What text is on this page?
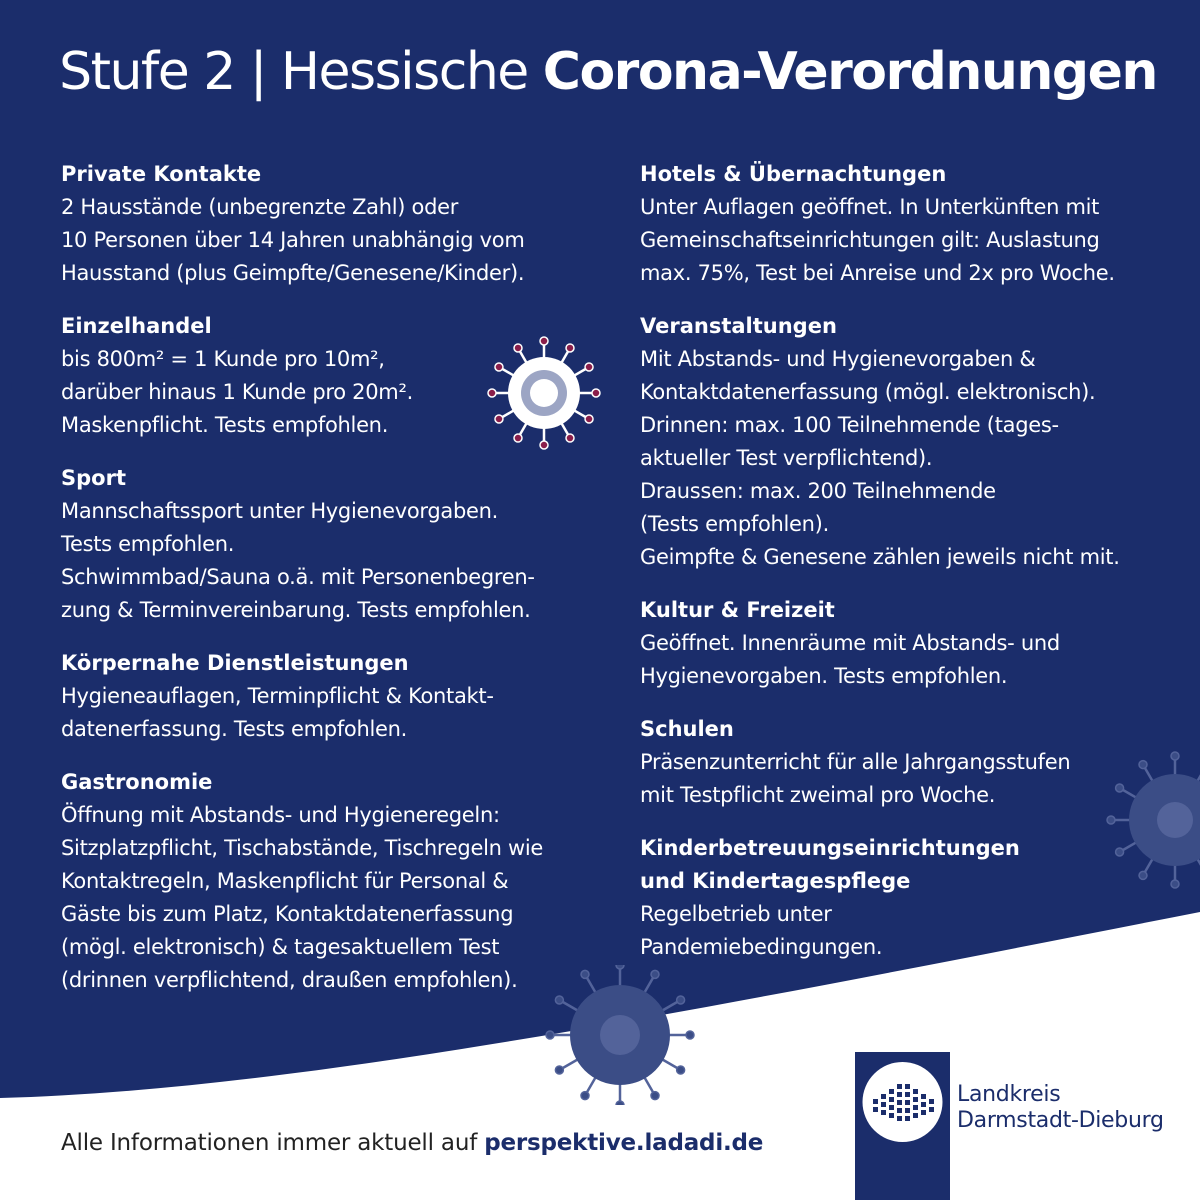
Stufe 2 | Hessische Corona-Verordnungen
Private Kontakte
2 Hausstände (unbegrenzte Zahl) oder
10 Personen über 14 Jahren unabhängig vom
Hausstand (plus Geimpfte/Genesene/Kinder).
Einzelhandel
bis 800m² = 1 Kunde pro 10m²,
darüber hinaus 1 Kunde pro 20m².
Maskenpflicht. Tests empfohlen.
Sport
Mannschaftssport unter Hygienevorgaben.
Tests empfohlen.
Schwimmbad/Sauna o.ä. mit Personenbegren-
zung & Terminvereinbarung. Tests empfohlen.
Körpernahe Dienstleistungen
Hygieneauflagen, Terminpflicht & Kontakt-
datenerfassung. Tests empfohlen.
Gastronomie
Öffnung mit Abstands- und Hygieneregeln:
Sitzplatzpflicht, Tischabstände, Tischregeln wie
Kontaktregeln, Maskenpflicht für Personal &
Gäste bis zum Platz, Kontaktdatenerfassung
(mögl. elektronisch) & tagesaktuellem Test
(drinnen verpflichtend, draußen empfohlen).
Hotels & Übernachtungen
Unter Auflagen geöffnet. In Unterkünften mit
Gemeinschaftseinrichtungen gilt: Auslastung
max. 75%, Test bei Anreise und 2x pro Woche.
Veranstaltungen
Mit Abstands- und Hygienevorgaben &
Kontaktdatenerfassung (mögl. elektronisch).
Drinnen: max. 100 Teilnehmende (tages-
aktueller Test verpflichtend).
Draussen: max. 200 Teilnehmende
(Tests empfohlen).
Geimpfte & Genesene zählen jeweils nicht mit.
Kultur & Freizeit
Geöffnet. Innenräume mit Abstands- und
Hygienevorgaben. Tests empfohlen.
Schulen
Präsenzunterricht für alle Jahrgangsstufen
mit Testpflicht zweimal pro Woche.
Kinderbetreuungseinrichtungen
und Kindertagespflege
Regelbetrieb unter
Pandemiebedingungen.
Alle Informationen immer aktuell auf perspektive.ladadi.de
Landkreis
Darmstadt-Dieburg
